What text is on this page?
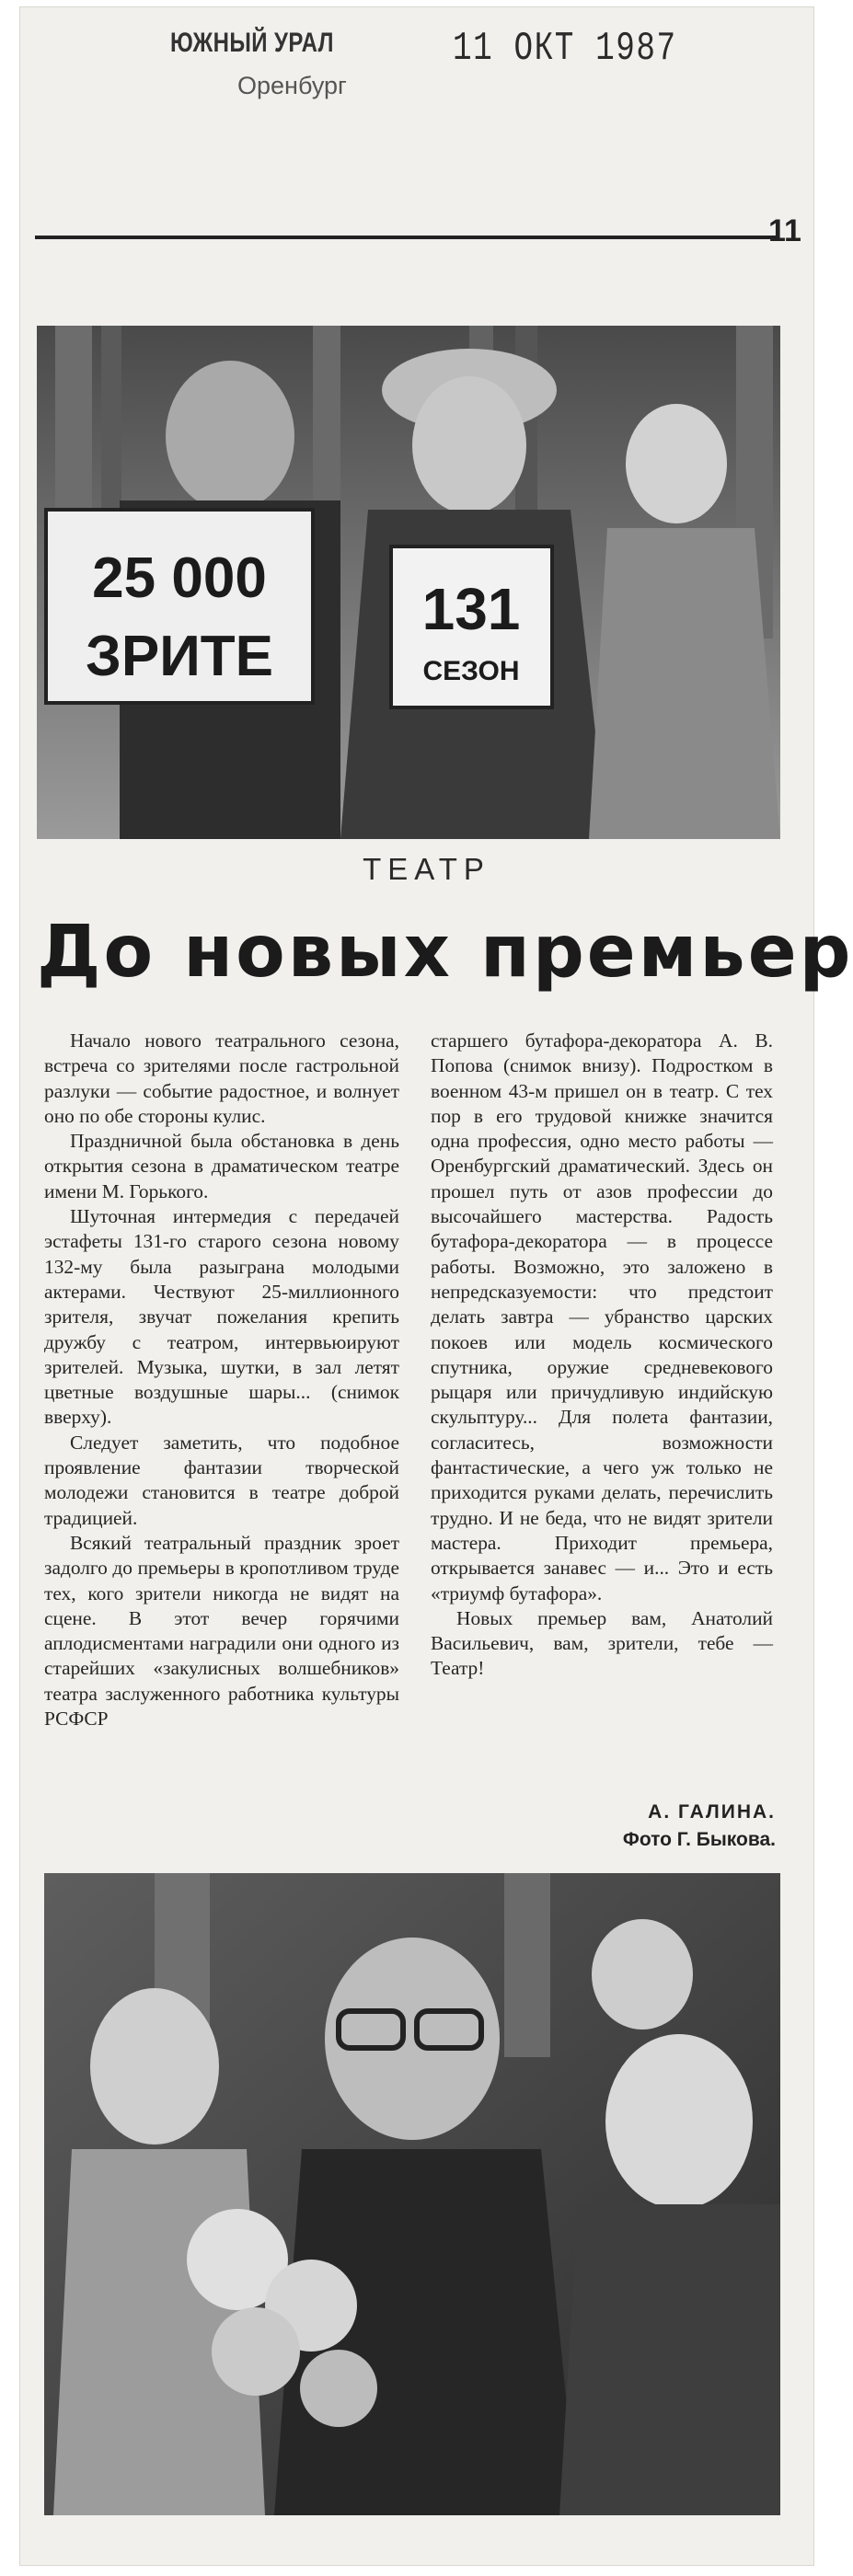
ЮЖНЫЙ УРАЛ
Оренбург
11 ОКТ 1987
11
25 000
ЗРИТЕ
131
СЕЗОН
ТЕАТР
До новых премьер

Начало нового театрального сезона, встреча со зрителями после гастрольной разлуки — событие радостное, и волнует оно по обе стороны кулис.

Праздничной была обстановка в день открытия сезона в драматическом театре имени М. Горького.

Шуточная интермедия с передачей эстафеты 131-го старого сезона новому 132-му была разыграна молодыми актерами. Чествуют 25-миллионного зрителя, звучат пожелания крепить дружбу с театром, интервьюируют зрителей. Музыка, шутки, в зал летят цветные воздушные шары... (снимок вверху).

Следует заметить, что подобное проявление фантазии творческой молодежи становится в театре доброй традицией.

Всякий театральный праздник зроет задолго до премьеры в кропотливом труде тех, кого зрители никогда не видят на сцене. В этот вечер горячими аплодисментами наградили они одного из старейших «закулисных волшебников» театра заслуженного работника культуры РСФСР

старшего бутафора-декоратора А. В. Попова (снимок внизу). Подростком в военном 43-м пришел он в театр. С тех пор в его трудовой книжке значится одна профессия, одно место работы — Оренбургский драматический. Здесь он прошел путь от азов профессии до высочайшего мастерства. Радость бутафора-декоратора — в процессе работы. Возможно, это заложено в непредсказуемости: что предстоит делать завтра — убранство царских покоев или модель космического спутника, оружие средневекового рыцаря или причудливую индийскую скульптуру... Для полета фантазии, согласитесь, возможности фантастические, а чего уж только не приходится руками делать, перечислить трудно. И не беда, что не видят зрители мастера. Приходит премьера, открывается занавес — и... Это и есть «триумф бутафора».

Новых премьер вам, Анатолий Васильевич, вам, зрители, тебе — Театр!

А. ГАЛИНА.
Фото Г. Быкова.
